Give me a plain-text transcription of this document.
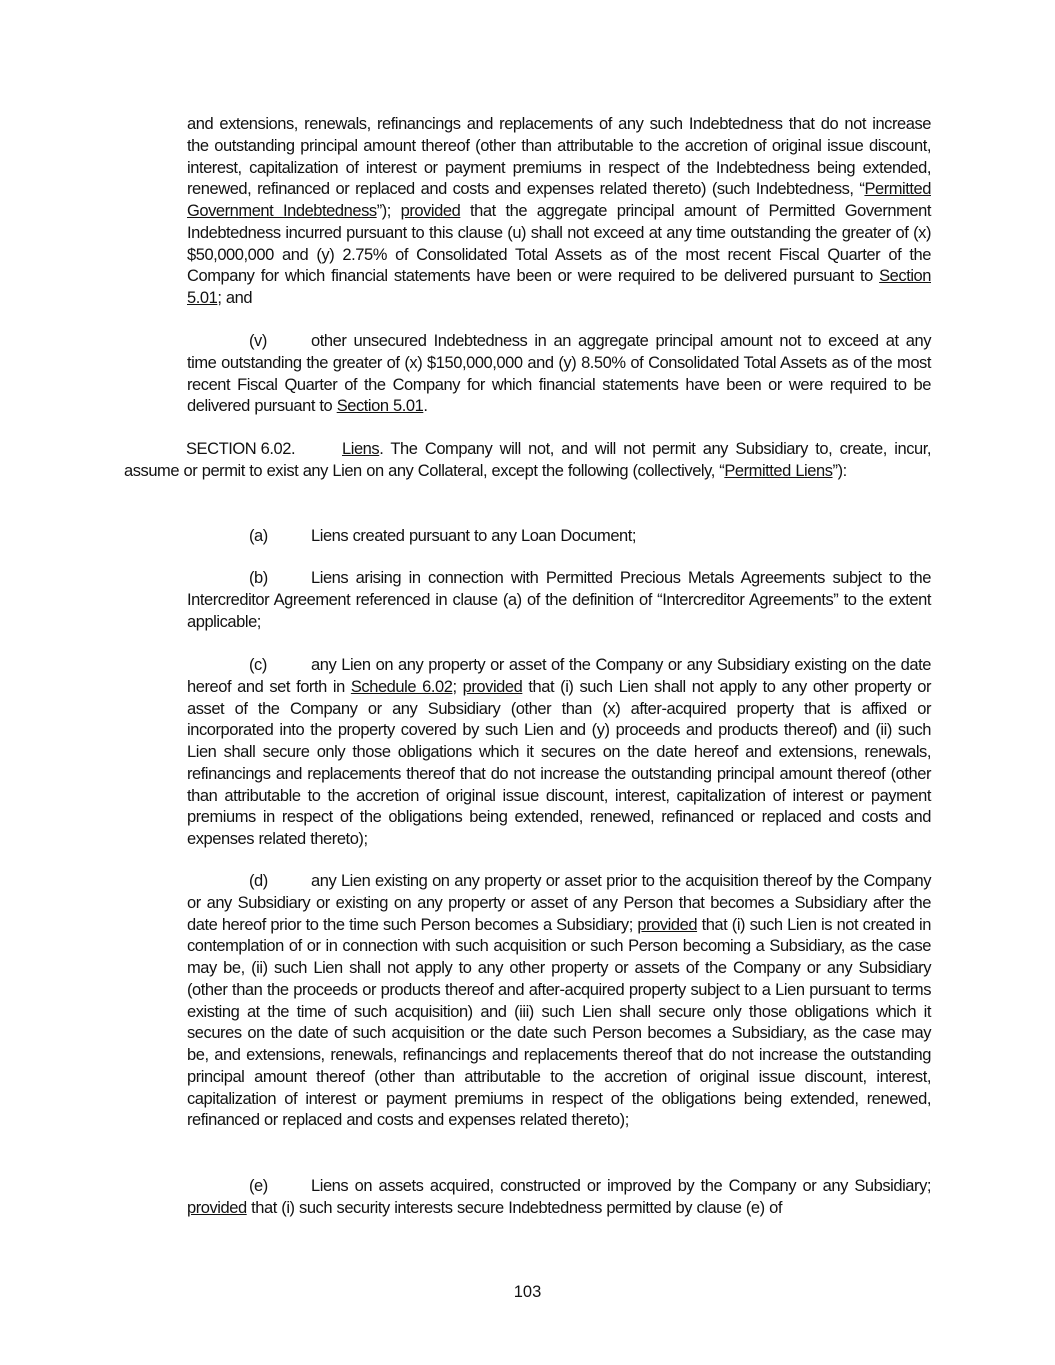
and extensions, renewals, refinancings and replacements of any such Indebtedness that do not increase the outstanding principal amount thereof (other than attributable to the accretion of original issue discount, interest, capitalization of interest or payment premiums in respect of the Indebtedness being extended, renewed, refinanced or replaced and costs and expenses related thereto) (such Indebtedness, “Permitted Government Indebtedness”); provided that the aggregate principal amount of Permitted Government Indebtedness incurred pursuant to this clause (u) shall not exceed at any time outstanding the greater of (x) $50,000,000 and (y) 2.75% of Consolidated Total Assets as of the most recent Fiscal Quarter of the Company for which financial statements have been or were required to be delivered pursuant to Section 5.01; and

(v)	other unsecured Indebtedness in an aggregate principal amount not to exceed at any time outstanding the greater of (x) $150,000,000 and (y) 8.50% of Consolidated Total Assets as of the most recent Fiscal Quarter of the Company for which financial statements have been or were required to be delivered pursuant to Section 5.01.

SECTION 6.02.	Liens. The Company will not, and will not permit any Subsidiary to, create, incur, assume or permit to exist any Lien on any Collateral, except the following (collectively, “Permitted Liens”):

(a)	Liens created pursuant to any Loan Document;

(b)	Liens arising in connection with Permitted Precious Metals Agreements subject to the Intercreditor Agreement referenced in clause (a) of the definition of “Intercreditor Agreements” to the extent applicable;

(c)	any Lien on any property or asset of the Company or any Subsidiary existing on the date hereof and set forth in Schedule 6.02; provided that (i) such Lien shall not apply to any other property or asset of the Company or any Subsidiary (other than (x) after-acquired property that is affixed or incorporated into the property covered by such Lien and (y) proceeds and products thereof) and (ii) such Lien shall secure only those obligations which it secures on the date hereof and extensions, renewals, refinancings and replacements thereof that do not increase the outstanding principal amount thereof (other than attributable to the accretion of original issue discount, interest, capitalization of interest or payment premiums in respect of the obligations being extended, renewed, refinanced or replaced and costs and expenses related thereto);

(d)	any Lien existing on any property or asset prior to the acquisition thereof by the Company or any Subsidiary or existing on any property or asset of any Person that becomes a Subsidiary after the date hereof prior to the time such Person becomes a Subsidiary; provided that (i) such Lien is not created in contemplation of or in connection with such acquisition or such Person becoming a Subsidiary, as the case may be, (ii) such Lien shall not apply to any other property or assets of the Company or any Subsidiary (other than the proceeds or products thereof and after-acquired property subject to a Lien pursuant to terms existing at the time of such acquisition) and (iii) such Lien shall secure only those obligations which it secures on the date of such acquisition or the date such Person becomes a Subsidiary, as the case may be, and extensions, renewals, refinancings and replacements thereof that do not increase the outstanding principal amount thereof (other than attributable to the accretion of original issue discount, interest, capitalization of interest or payment premiums in respect of the obligations being extended, renewed, refinanced or replaced and costs and expenses related thereto);

(e)	Liens on assets acquired, constructed or improved by the Company or any Subsidiary; provided that (i) such security interests secure Indebtedness permitted by clause (e) of

103
